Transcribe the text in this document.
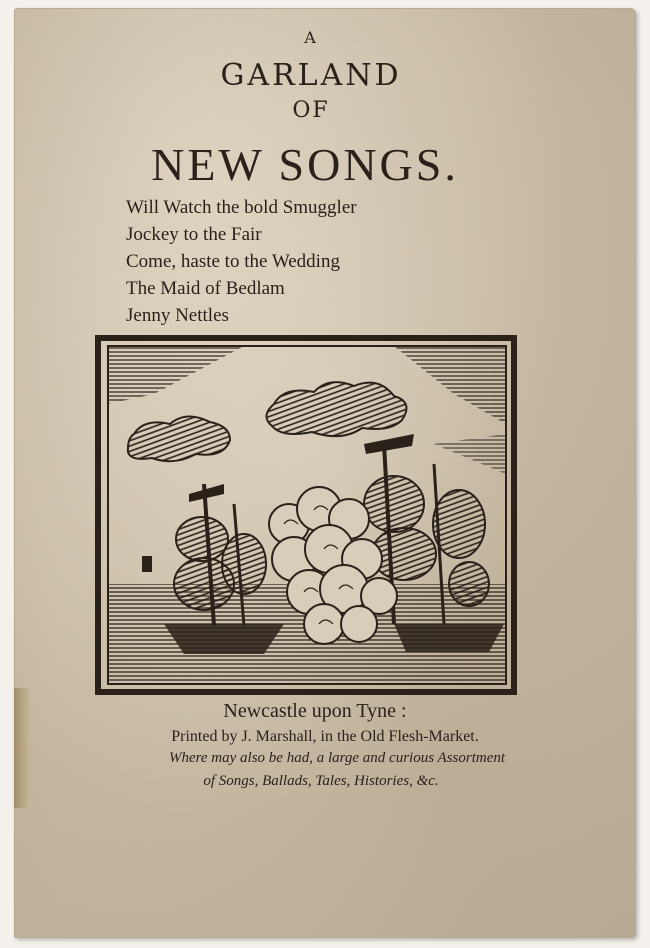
A
GARLAND
OF
NEW SONGS.
Will Watch the bold Smuggler
Jockey to the Fair
Come, haste to the Wedding
The Maid of Bedlam
Jenny Nettles
Newcastle upon Tyne :
Printed by J. Marshall, in the Old Flesh-Market.
Where may also be had, a large and curious Assortment
of Songs, Ballads, Tales, Histories, &c.
